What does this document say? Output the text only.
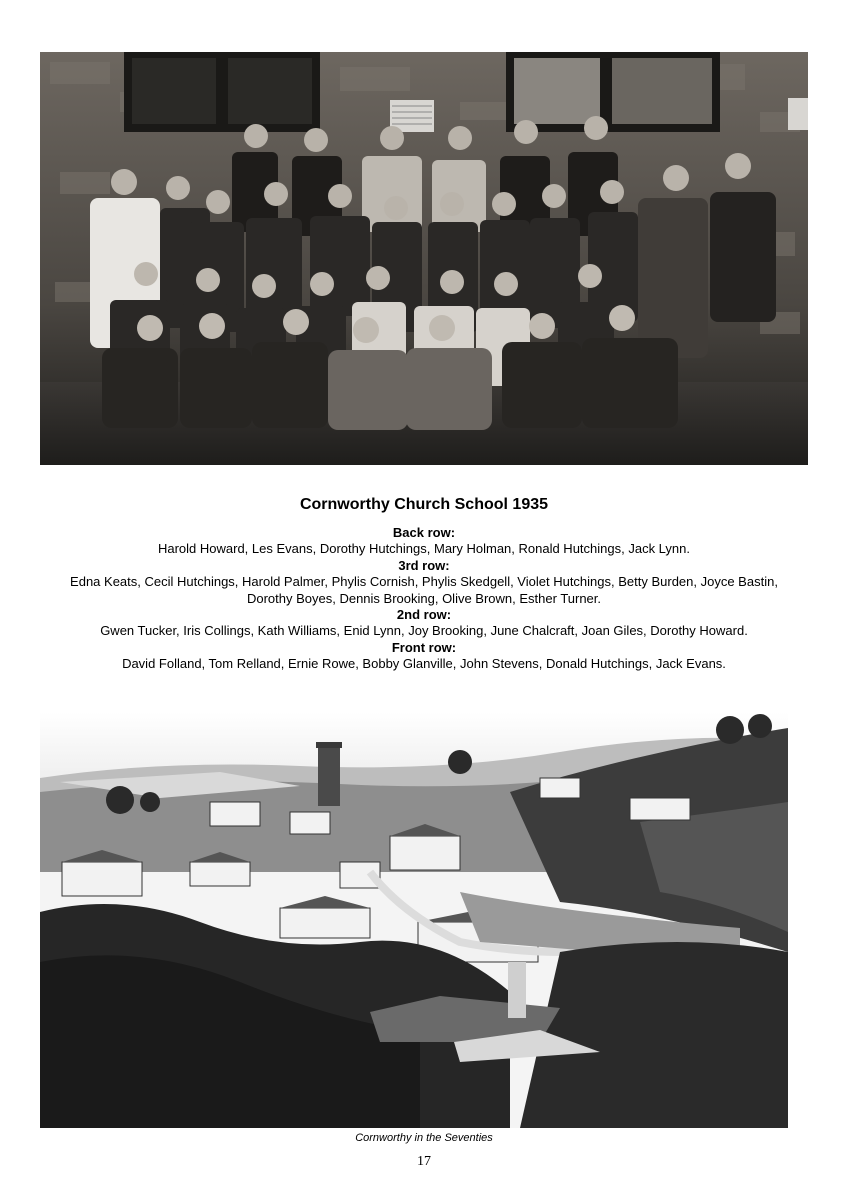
Cornworthy Church School 1935
Back row:
Harold Howard, Les Evans, Dorothy Hutchings, Mary Holman, Ronald Hutchings, Jack Lynn.
3rd row:
Edna Keats, Cecil Hutchings, Harold Palmer, Phylis Cornish, Phylis Skedgell, Violet Hutchings, Betty Burden, Joyce Bastin, Dorothy Boyes, Dennis Brooking, Olive Brown, Esther Turner.
2nd row:
Gwen Tucker, Iris Collings, Kath Williams, Enid Lynn, Joy Brooking, June Chalcraft, Joan Giles, Dorothy Howard.
Front row:
David Folland, Tom Relland, Ernie Rowe, Bobby Glanville, John Stevens, Donald Hutchings, Jack Evans.
Cornworthy in the Seventies
17
